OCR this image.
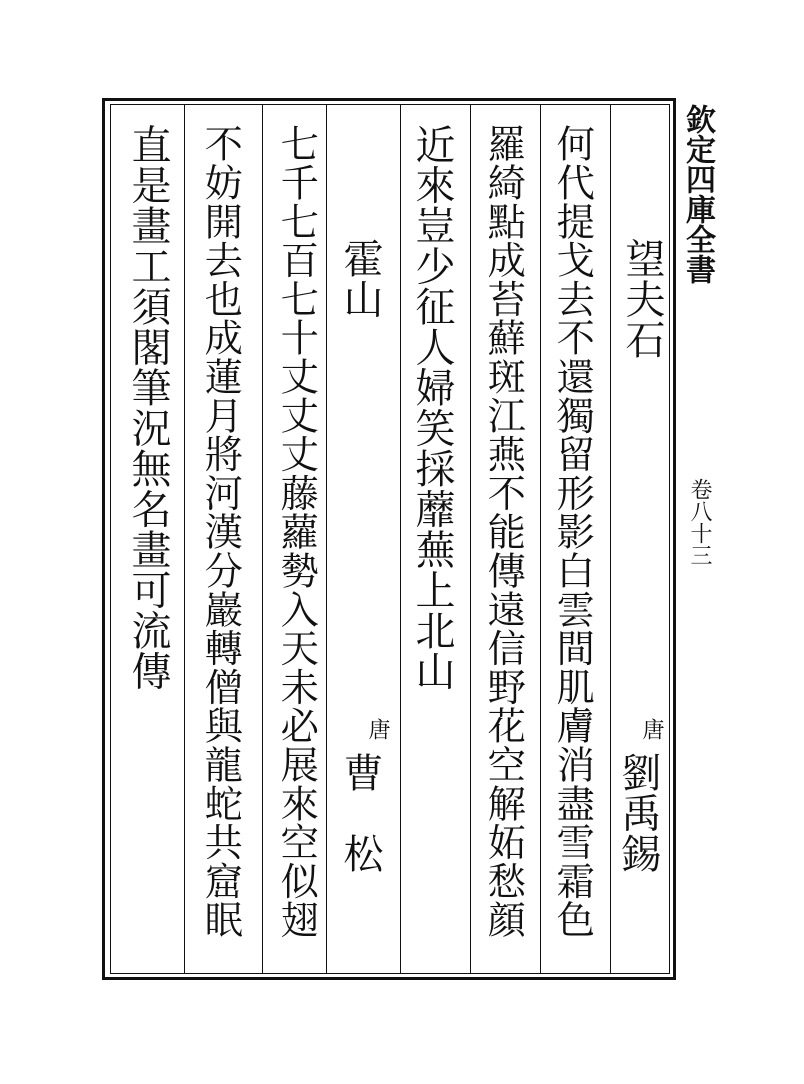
欽定四庫全書
卷八十三
望夫石
唐
劉禹錫
何代提戈去不還獨留形影白雲間肌膚消盡雪霜色
羅綺點成苔蘚斑江燕不能傳遠信野花空解妬愁顔
近來豈少征人婦笑採蘼蕪上北山
霍山
唐
曹　松
七千七百七十丈丈丈藤蘿勢入天未必展來空似翅
不妨開去也成蓮月將河漢分巖轉僧與龍蛇共窟眠
直是畫工須閣筆況無名畫可流傳
